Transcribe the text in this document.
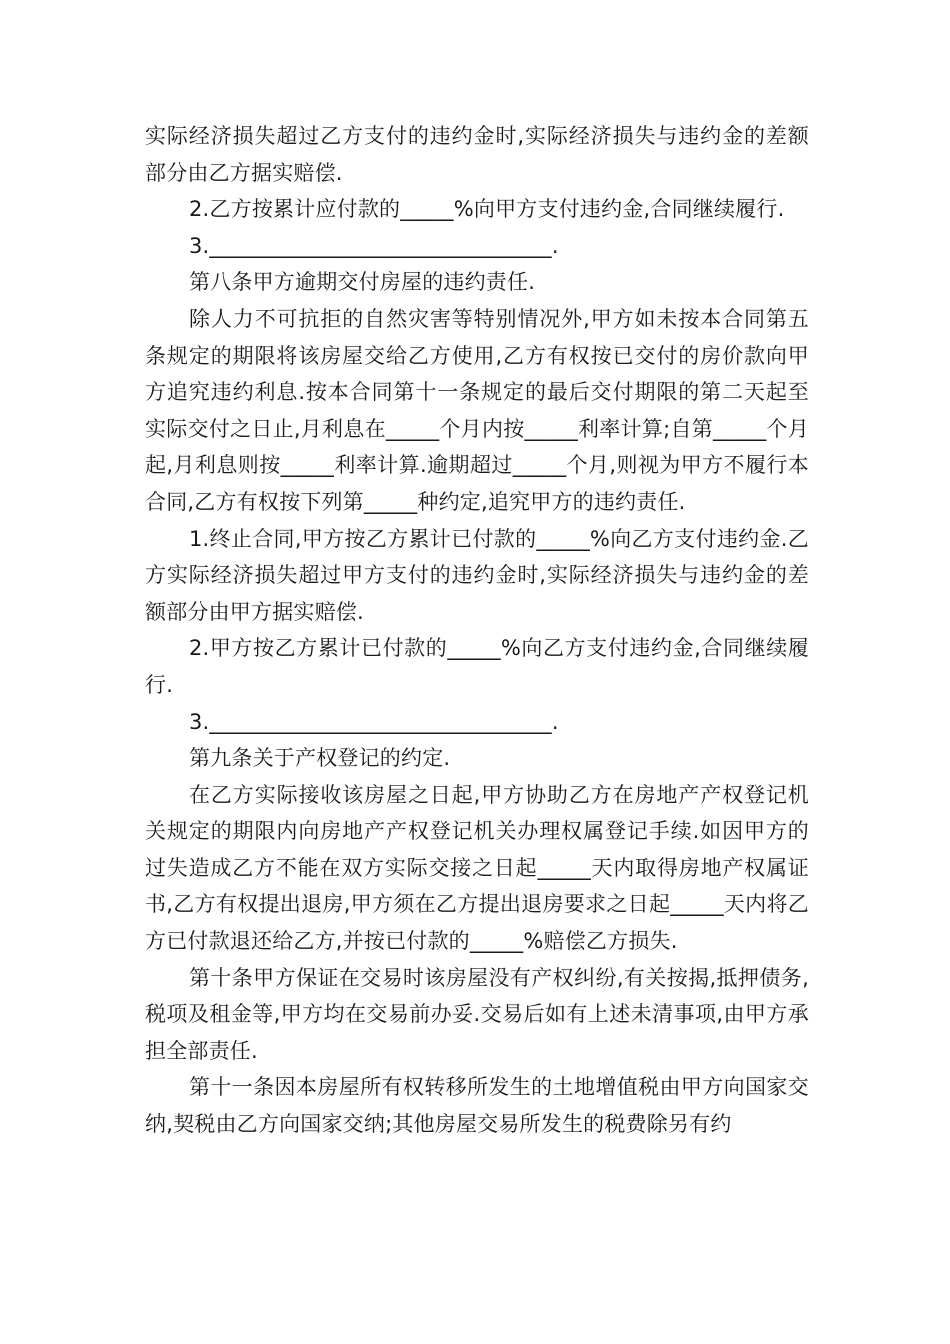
实际经济损失超过乙方支付的违约金时,实际经济损失与违约金的差额部分由乙方据实赔偿.

2.乙方按累计应付款的_____%向甲方支付违约金,合同继续履行.

3.________________________________.

第八条甲方逾期交付房屋的违约责任.

除人力不可抗拒的自然灾害等特别情况外,甲方如未按本合同第五条规定的期限将该房屋交给乙方使用,乙方有权按已交付的房价款向甲方追究违约利息.按本合同第十一条规定的最后交付期限的第二天起至实际交付之日止,月利息在_____个月内按_____利率计算;自第_____个月起,月利息则按_____利率计算.逾期超过_____个月,则视为甲方不履行本合同,乙方有权按下列第_____种约定,追究甲方的违约责任.

1.终止合同,甲方按乙方累计已付款的_____%向乙方支付违约金.乙方实际经济损失超过甲方支付的违约金时,实际经济损失与违约金的差额部分由甲方据实赔偿.

2.甲方按乙方累计已付款的_____%向乙方支付违约金,合同继续履行.

3.________________________________.

第九条关于产权登记的约定.

在乙方实际接收该房屋之日起,甲方协助乙方在房地产产权登记机关规定的期限内向房地产产权登记机关办理权属登记手续.如因甲方的过失造成乙方不能在双方实际交接之日起_____天内取得房地产权属证书,乙方有权提出退房,甲方须在乙方提出退房要求之日起_____天内将乙方已付款退还给乙方,并按已付款的_____%赔偿乙方损失.

第十条甲方保证在交易时该房屋没有产权纠纷,有关按揭,抵押债务,税项及租金等,甲方均在交易前办妥.交易后如有上述未清事项,由甲方承担全部责任.

第十一条因本房屋所有权转移所发生的土地增值税由甲方向国家交纳,契税由乙方向国家交纳;其他房屋交易所发生的税费除另有约
